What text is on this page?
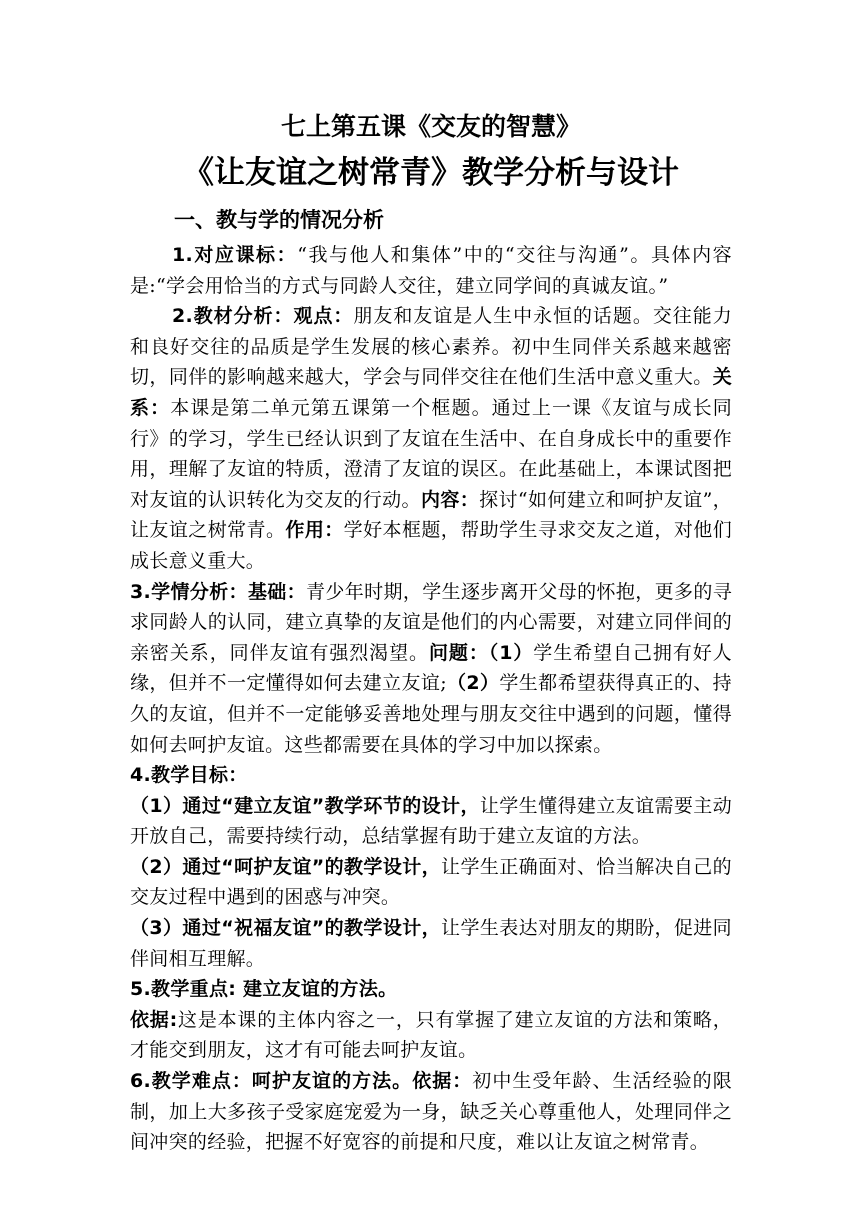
七上第五课《交友的智慧》
《让友谊之树常青》教学分析与设计
一、教与学的情况分析

1.对应课标：“我与他人和集体”中的“交往与沟通”。具体内容是:“学会用恰当的方式与同龄人交往，建立同学间的真诚友谊。”

2.教材分析：观点：朋友和友谊是人生中永恒的话题。交往能力和良好交往的品质是学生发展的核心素养。初中生同伴关系越来越密切，同伴的影响越来越大，学会与同伴交往在他们生活中意义重大。关系：本课是第二单元第五课第一个框题。通过上一课《友谊与成长同行》的学习，学生已经认识到了友谊在生活中、在自身成长中的重要作用，理解了友谊的特质，澄清了友谊的误区。在此基础上，本课试图把对友谊的认识转化为交友的行动。内容：探讨“如何建立和呵护友谊”，让友谊之树常青。作用：学好本框题，帮助学生寻求交友之道，对他们成长意义重大。

3.学情分析：基础：青少年时期，学生逐步离开父母的怀抱，更多的寻求同龄人的认同，建立真挚的友谊是他们的内心需要，对建立同伴间的亲密关系，同伴友谊有强烈渴望。问题：（1）学生希望自己拥有好人缘，但并不一定懂得如何去建立友谊;（2）学生都希望获得真正的、持久的友谊，但并不一定能够妥善地处理与朋友交往中遇到的问题，懂得如何去呵护友谊。这些都需要在具体的学习中加以探索。

4.教学目标：

（1）通过“建立友谊”教学环节的设计，让学生懂得建立友谊需要主动开放自己，需要持续行动，总结掌握有助于建立友谊的方法。

（2）通过“呵护友谊”的教学设计，让学生正确面对、恰当解决自己的交友过程中遇到的困惑与冲突。

（3）通过“祝福友谊”的教学设计，让学生表达对朋友的期盼，促进同伴间相互理解。

5.教学重点: 建立友谊的方法。

依据:这是本课的主体内容之一，只有掌握了建立友谊的方法和策略，才能交到朋友，这才有可能去呵护友谊。

6.教学难点：呵护友谊的方法。依据：初中生受年龄、生活经验的限制，加上大多孩子受家庭宠爱为一身，缺乏关心尊重他人，处理同伴之间冲突的经验，把握不好宽容的前提和尺度，难以让友谊之树常青。
